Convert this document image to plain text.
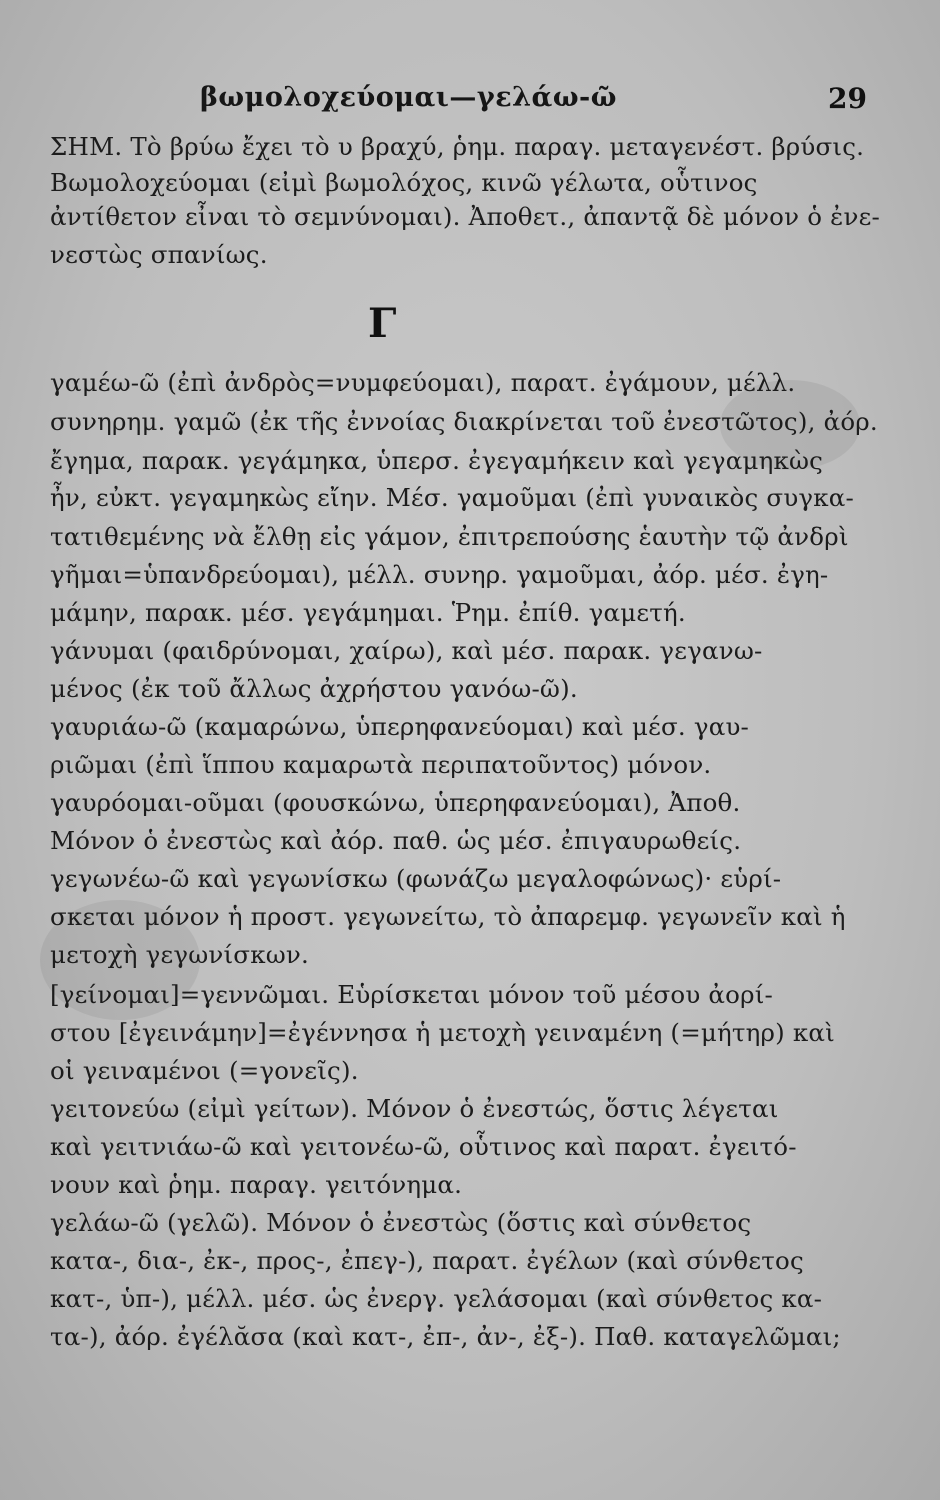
βωμολοχεύομαι—γελάω-ῶ	29
Γ
ΣΗΜ. Τὸ βρύω ἔχει τὸ υ βραχύ, ῥημ. παραγ. μεταγενέστ. βρύσις.
Βωμολοχεύομαι (εἰμὶ βωμολόχος, κινῶ γέλωτα, οὗτινος
ἀντίθετον εἶναι τὸ σεμνύνομαι). Ἀποθετ., ἀπαντᾷ δὲ μόνον ὁ ἐνε-
νεστὼς σπανίως.
γαμέω-ῶ (ἐπὶ ἀνδρὸς=νυμφεύομαι), παρατ. ἐγάμουν, μέλλ.
συνηρημ. γαμῶ (ἐκ τῆς ἐννοίας διακρίνεται τοῦ ἐνεστῶτος), ἀόρ.
ἔγημα, παρακ. γεγάμηκα, ὑπερσ. ἐγεγαμήκειν καὶ γεγαμηκὼς
ἦν, εὐκτ. γεγαμηκὼς εἴην. Μέσ. γαμοῦμαι (ἐπὶ γυναικὸς συγκα-
τατιθεμένης νὰ ἔλθῃ εἰς γάμον, ἐπιτρεπούσης ἑαυτὴν τῷ ἀνδρὶ
γῆμαι=ὑπανδρεύομαι), μέλλ. συνηρ. γαμοῦμαι, ἀόρ. μέσ. ἐγη-
μάμην, παρακ. μέσ. γεγάμημαι. Ῥημ. ἐπίθ. γαμετή.
γάνυμαι (φαιδρύνομαι, χαίρω), καὶ μέσ. παρακ. γεγανω-
μένος (ἐκ τοῦ ἄλλως ἀχρήστου γανόω-ῶ).
γαυριάω-ῶ (καμαρώνω, ὑπερηφανεύομαι) καὶ μέσ. γαυ-
ριῶμαι (ἐπὶ ἵππου καμαρωτὰ περιπατοῦντος) μόνον.
γαυρόομαι-οῦμαι (φουσκώνω, ὑπερηφανεύομαι), Ἀποθ.
Μόνον ὁ ἐνεστὼς καὶ ἀόρ. παθ. ὡς μέσ. ἐπιγαυρωθείς.
γεγωνέω-ῶ καὶ γεγωνίσκω (φωνάζω μεγαλοφώνως)· εὑρί-
σκεται μόνον ἡ προστ. γεγωνείτω, τὸ ἀπαρεμφ. γεγωνεῖν καὶ ἡ
μετοχὴ γεγωνίσκων.
[γείνομαι]=γεννῶμαι. Εὑρίσκεται μόνον τοῦ μέσου ἀορί-
στου [ἐγεινάμην]=ἐγέννησα ἡ μετοχὴ γειναμένη (=μήτηρ) καὶ
οἱ γειναμένοι (=γονεῖς).
γειτονεύω (εἰμὶ γείτων). Μόνον ὁ ἐνεστώς, ὅστις λέγεται
καὶ γειτνιάω-ῶ καὶ γειτονέω-ῶ, οὗτινος καὶ παρατ. ἐγειτό-
νουν καὶ ῥημ. παραγ. γειτόνημα.
γελάω-ῶ (γελῶ). Μόνον ὁ ἐνεστὼς (ὅστις καὶ σύνθετος
κατα-, δια-, ἐκ-, προς-, ἐπεγ-), παρατ. ἐγέλων (καὶ σύνθετος
κατ-, ὑπ-), μέλλ. μέσ. ὡς ἐνεργ. γελάσομαι (καὶ σύνθετος κα-
τα-), ἀόρ. ἐγέλᾰσα (καὶ κατ-, ἐπ-, ἀν-, ἐξ-). Παθ. καταγελῶμαι;
